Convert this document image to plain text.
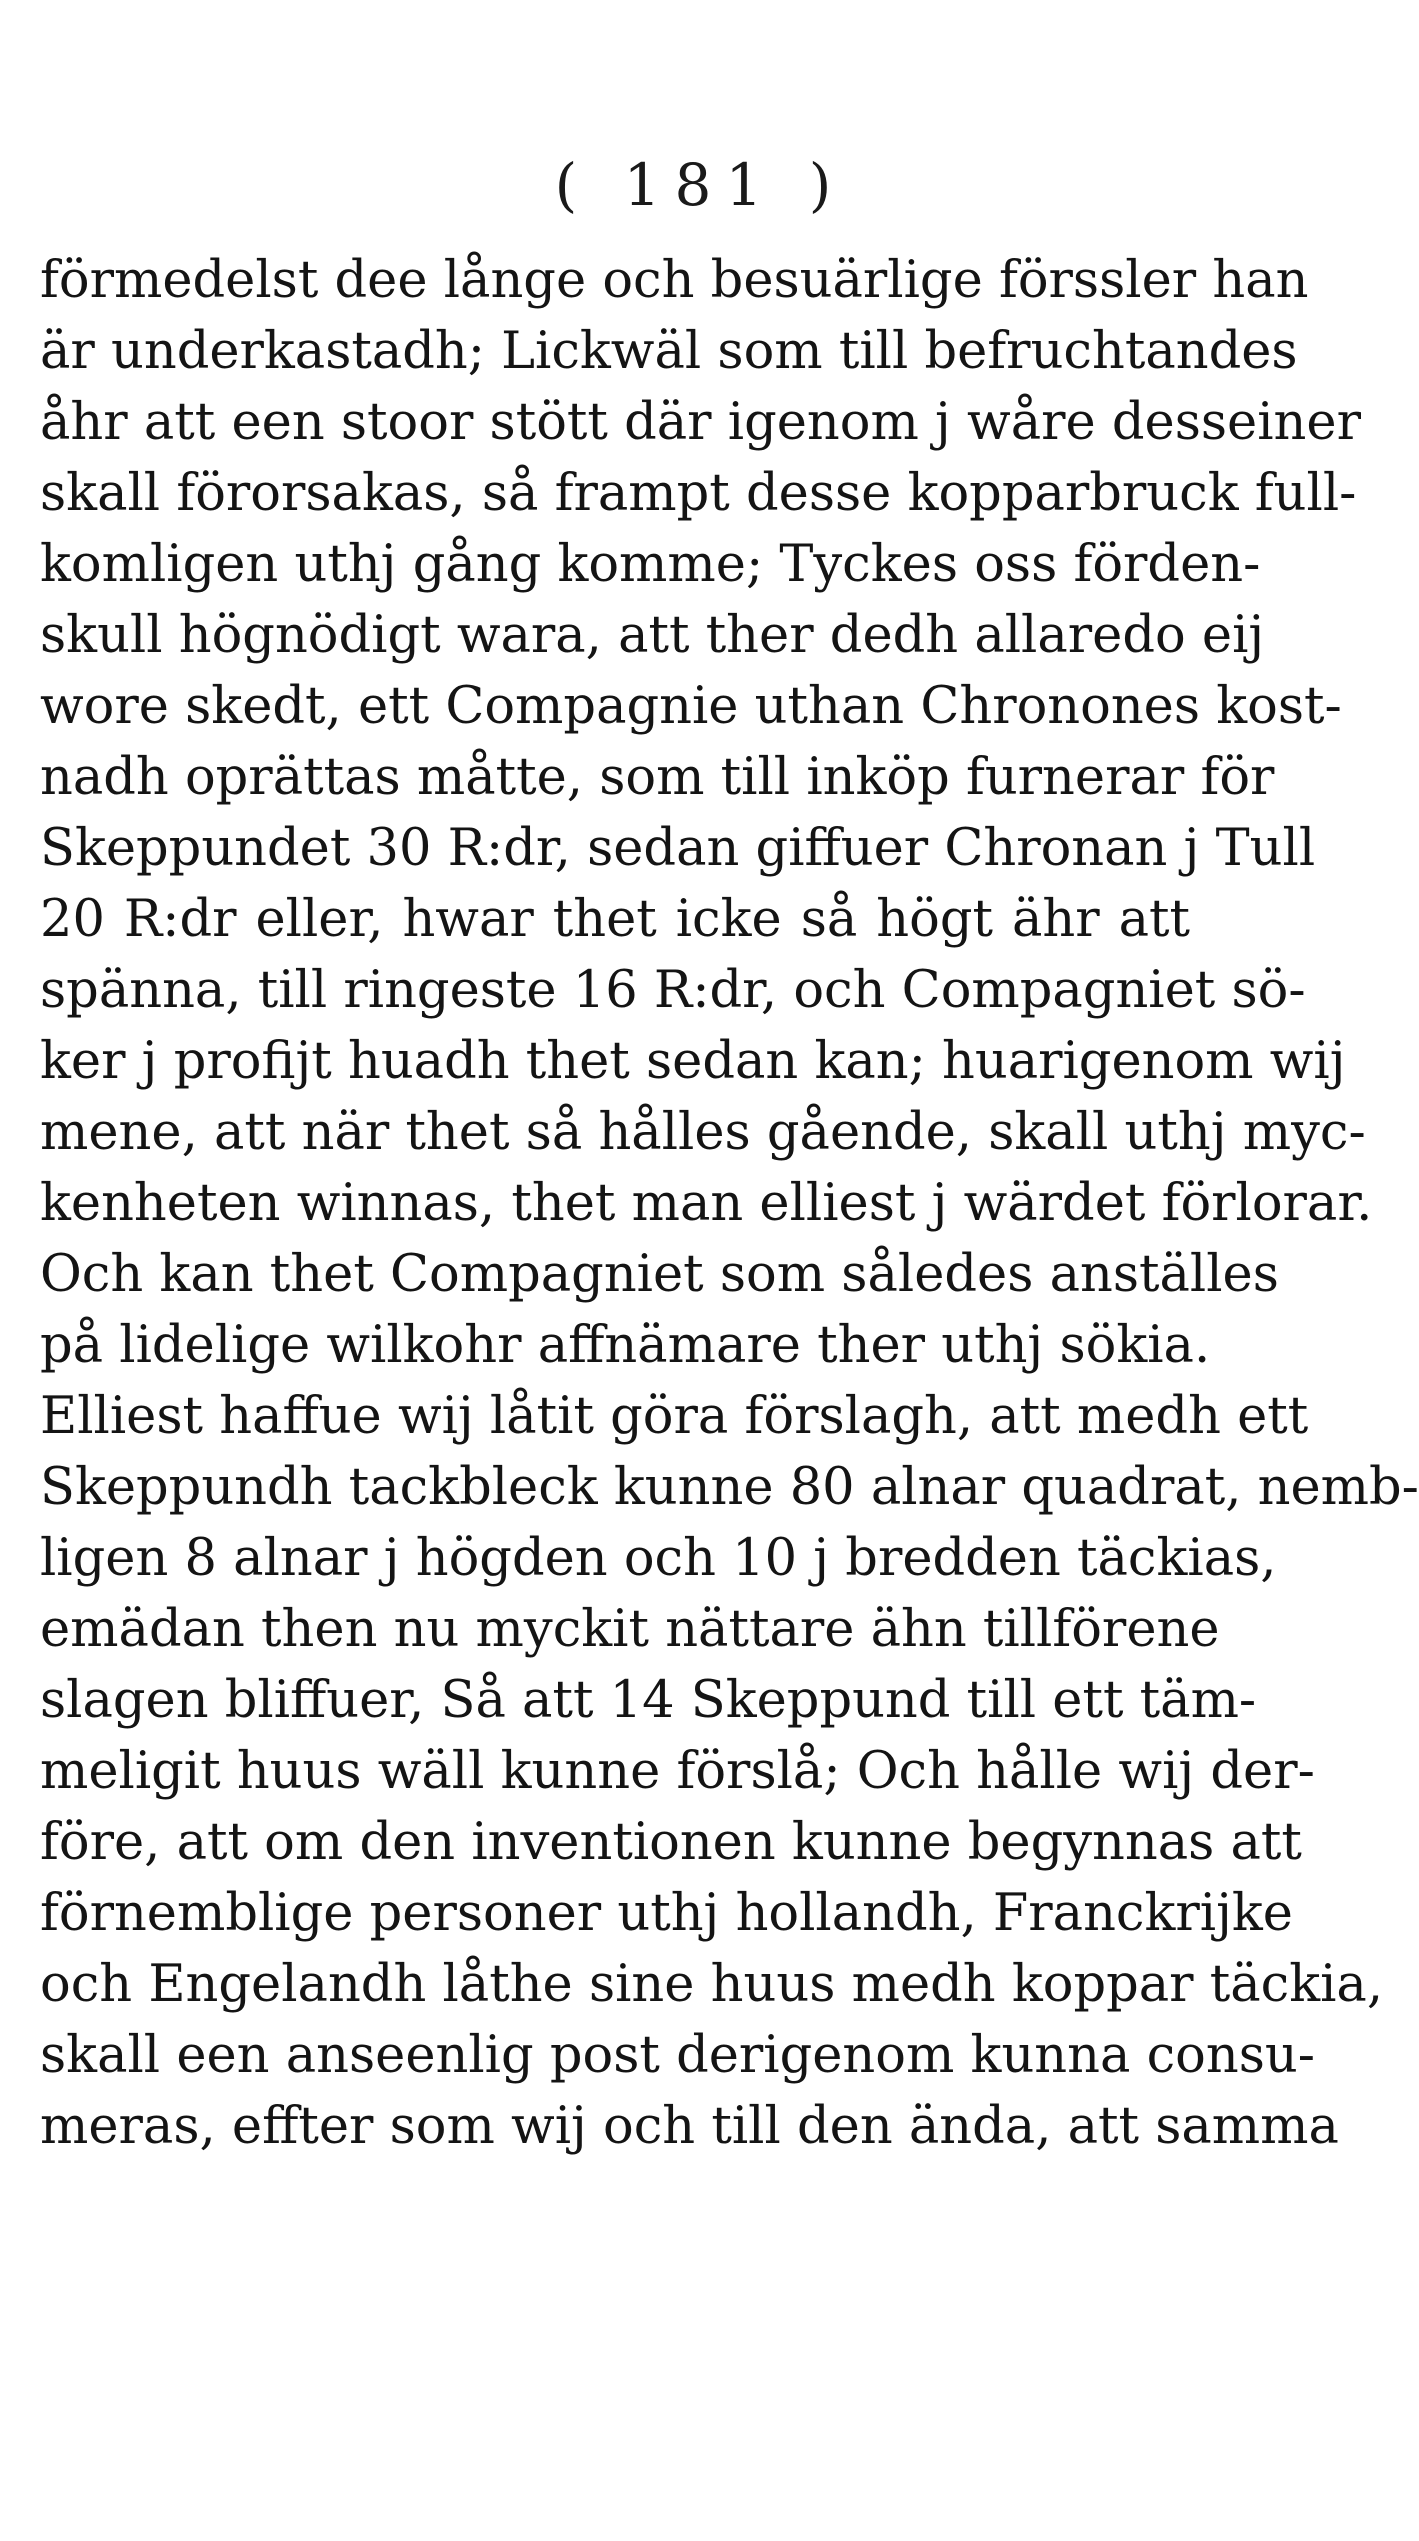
( 181 )
förmedelst dee långe och besuärlige förssler han
är underkastadh; Lickwäl som till befruchtandes
åhr att een stoor stött där igenom j wåre desseiner
skall förorsakas, så frampt desse kopparbruck full-
komligen uthj gång komme; Tyckes oss förden-
skull högnödigt wara, att ther dedh allaredo eij
wore skedt, ett Compagnie uthan Chronones kost-
nadh oprättas måtte, som till inköp furnerar för
Skeppundet 30 R:dr, sedan giffuer Chronan j Tull
20 R:dr eller, hwar thet icke så högt ähr att
spänna, till ringeste 16 R:dr, och Compagniet sö-
ker j profijt huadh thet sedan kan; huarigenom wij
mene, att när thet så hålles gående, skall uthj myc-
kenheten winnas, thet man elliest j wärdet förlorar.
Och kan thet Compagniet som således anställes
på lidelige wilkohr affnämare ther uthj sökia.
Elliest haffue wij låtit göra förslagh, att medh ett
Skeppundh tackbleck kunne 80 alnar quadrat, nemb-
ligen 8 alnar j högden och 10 j bredden täckias,
emädan then nu myckit nättare ähn tillförene
slagen bliffuer, Så att 14 Skeppund till ett täm-
meligit huus wäll kunne förslå; Och hålle wij der-
före, att om den inventionen kunne begynnas att
förnemblige personer uthj hollandh, Franckrijke
och Engelandh låthe sine huus medh koppar täckia,
skall een anseenlig post derigenom kunna consu-
meras, effter som wij och till den ända, att samma
